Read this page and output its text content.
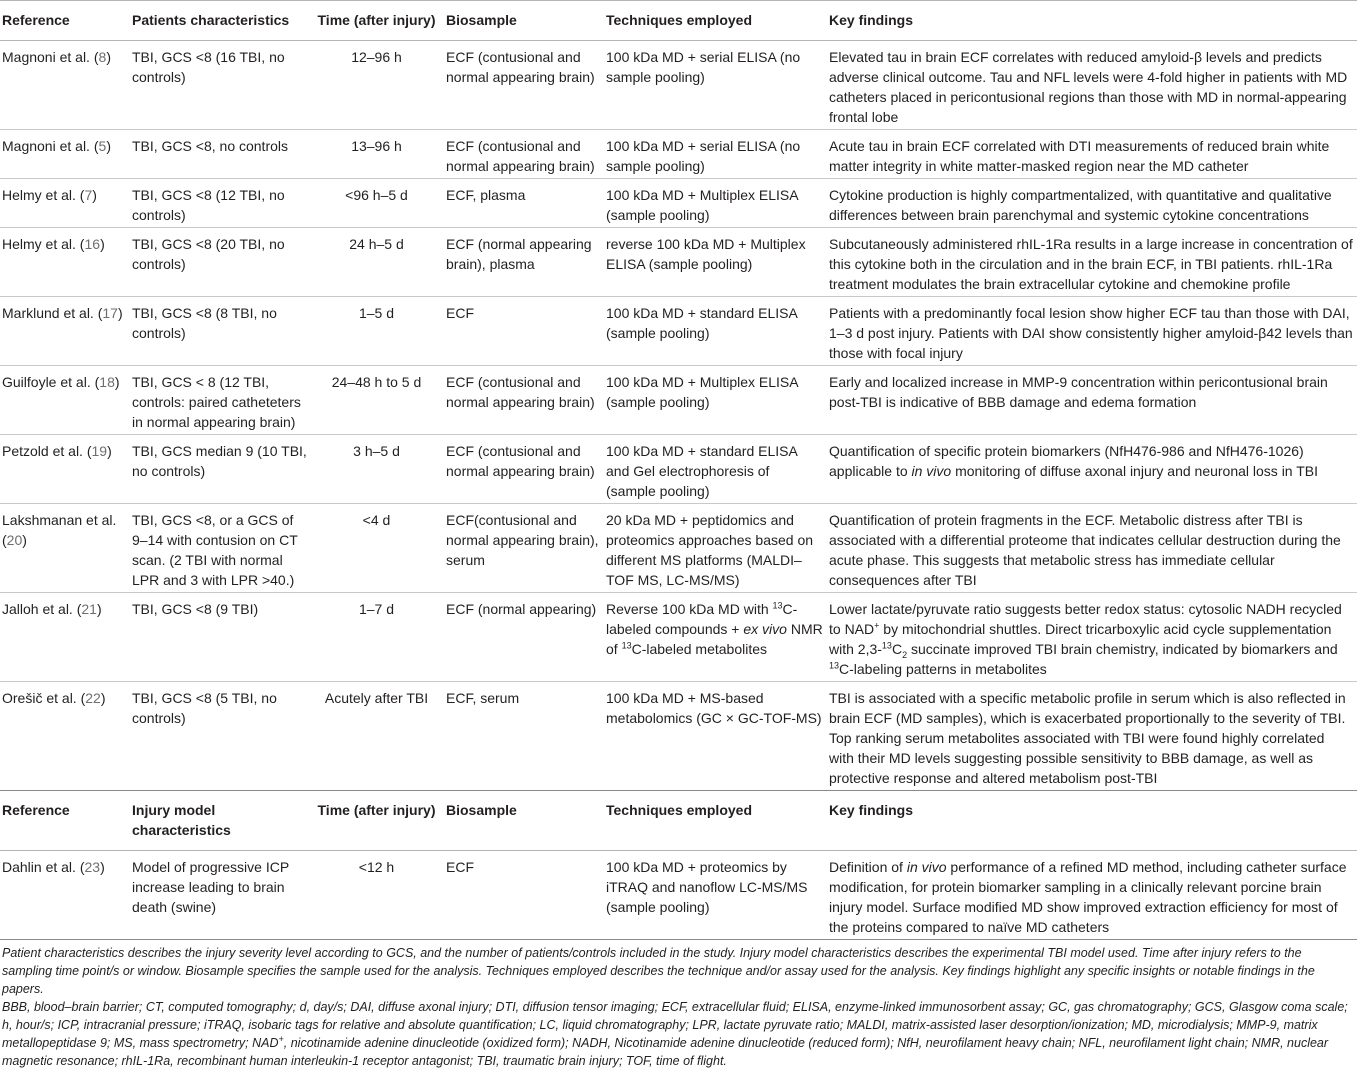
Reference	Patients characteristics	Time (after injury)	Biosample	Techniques employed	Key findings
Magnoni et al. (8)	TBI, GCS <8 (16 TBI, no controls)	12–96 h	ECF (contusional and normal appearing brain)	100 kDa MD + serial ELISA (no sample pooling)	Elevated tau in brain ECF correlates with reduced amyloid-β levels and predicts adverse clinical outcome. Tau and NFL levels were 4-fold higher in patients with MD catheters placed in pericontusional regions than those with MD in normal-appearing frontal lobe
Magnoni et al. (5)	TBI, GCS <8, no controls	13–96 h	ECF (contusional and normal appearing brain)	100 kDa MD + serial ELISA (no sample pooling)	Acute tau in brain ECF correlated with DTI measurements of reduced brain white matter integrity in white matter-masked region near the MD catheter
Helmy et al. (7)	TBI, GCS <8 (12 TBI, no controls)	<96 h–5 d	ECF, plasma	100 kDa MD + Multiplex ELISA (sample pooling)	Cytokine production is highly compartmentalized, with quantitative and qualitative differences between brain parenchymal and systemic cytokine concentrations
Helmy et al. (16)	TBI, GCS <8 (20 TBI, no controls)	24 h–5 d	ECF (normal appearing brain), plasma	reverse 100 kDa MD + Multiplex ELISA (sample pooling)	Subcutaneously administered rhIL-1Ra results in a large increase in concentration of this cytokine both in the circulation and in the brain ECF, in TBI patients. rhIL-1Ra treatment modulates the brain extracellular cytokine and chemokine profile
Marklund et al. (17)	TBI, GCS <8 (8 TBI, no controls)	1–5 d	ECF	100 kDa MD + standard ELISA (sample pooling)	Patients with a predominantly focal lesion show higher ECF tau than those with DAI, 1–3 d post injury. Patients with DAI show consistently higher amyloid-β42 levels than those with focal injury
Guilfoyle et al. (18)	TBI, GCS < 8 (12 TBI, controls: paired catheteters in normal appearing brain)	24–48 h to 5 d	ECF (contusional and normal appearing brain)	100 kDa MD + Multiplex ELISA (sample pooling)	Early and localized increase in MMP-9 concentration within pericontusional brain post-TBI is indicative of BBB damage and edema formation
Petzold et al. (19)	TBI, GCS median 9 (10 TBI, no controls)	3 h–5 d	ECF (contusional and normal appearing brain)	100 kDa MD + standard ELISA and Gel electrophoresis of (sample pooling)	Quantification of specific protein biomarkers (NfH476-986 and NfH476-1026) applicable to in vivo monitoring of diffuse axonal injury and neuronal loss in TBI
Lakshmanan et al. (20)	TBI, GCS <8, or a GCS of 9–14 with contusion on CT scan. (2 TBI with normal LPR and 3 with LPR >40.)	<4 d	ECF(contusional and normal appearing brain), serum	20 kDa MD + peptidomics and proteomics approaches based on different MS platforms (MALDI–TOF MS, LC-MS/MS)	Quantification of protein fragments in the ECF. Metabolic distress after TBI is associated with a differential proteome that indicates cellular destruction during the acute phase. This suggests that metabolic stress has immediate cellular consequences after TBI
Jalloh et al. (21)	TBI, GCS <8 (9 TBI)	1–7 d	ECF (normal appearing)	Reverse 100 kDa MD with $^{13}$C-labeled compounds + ex vivo NMR of $^{13}$C-labeled metabolites	Lower lactate/pyruvate ratio suggests better redox status: cytosolic NADH recycled to NAD+ by mitochondrial shuttles. Direct tricarboxylic acid cycle supplementation with $2,3-^{13}C_2$ succinate improved TBI brain chemistry, indicated by biomarkers and $^{13}$C-labeling patterns in metabolites
Orešič et al. (22)	TBI, GCS <8 (5 TBI, no controls)	Acutely after TBI	ECF, serum	100 kDa MD + MS-based metabolomics (GC × GC-TOF-MS)	TBI is associated with a specific metabolic profile in serum which is also reflected in brain ECF (MD samples), which is exacerbated proportionally to the severity of TBI. Top ranking serum metabolites associated with TBI were found highly correlated with their MD levels suggesting possible sensitivity to BBB damage, as well as protective response and altered metabolism post-TBI
Reference	Injury model characteristics	Time (after injury)	Biosample	Techniques employed	Key findings
Dahlin et al. (23)	Model of progressive ICP increase leading to brain death (swine)	<12 h	ECF	100 kDa MD + proteomics by iTRAQ and nanoflow LC-MS/MS (sample pooling)	Definition of in vivo performance of a refined MD method, including catheter surface modification, for protein biomarker sampling in a clinically relevant porcine brain injury model. Surface modified MD show improved extraction efficiency for most of the proteins compared to naïve MD catheters

Patient characteristics describes the injury severity level according to GCS, and the number of patients/controls included in the study. Injury model characteristics describes the experimental TBI model used. Time after injury refers to the sampling time point/s or window. Biosample specifies the sample used for the analysis. Techniques employed describes the technique and/or assay used for the analysis. Key findings highlight any specific insights or notable findings in the papers.

BBB, blood–brain barrier; CT, computed tomography; d, day/s; DAI, diffuse axonal injury; DTI, diffusion tensor imaging; ECF, extracellular fluid; ELISA, enzyme-linked immunosorbent assay; GC, gas chromatography; GCS, Glasgow coma scale; h, hour/s; ICP, intracranial pressure; iTRAQ, isobaric tags for relative and absolute quantification; LC, liquid chromatography; LPR, lactate pyruvate ratio; MALDI, matrix-assisted laser desorption/ionization; MD, microdialysis; MMP-9, matrix metallopeptidase 9; MS, mass spectrometry; NAD+, nicotinamide adenine dinucleotide (oxidized form); NADH, Nicotinamide adenine dinucleotide (reduced form); NfH, neurofilament heavy chain; NFL, neurofilament light chain; NMR, nuclear magnetic resonance; rhIL-1Ra, recombinant human interleukin-1 receptor antagonist; TBI, traumatic brain injury; TOF, time of flight.
